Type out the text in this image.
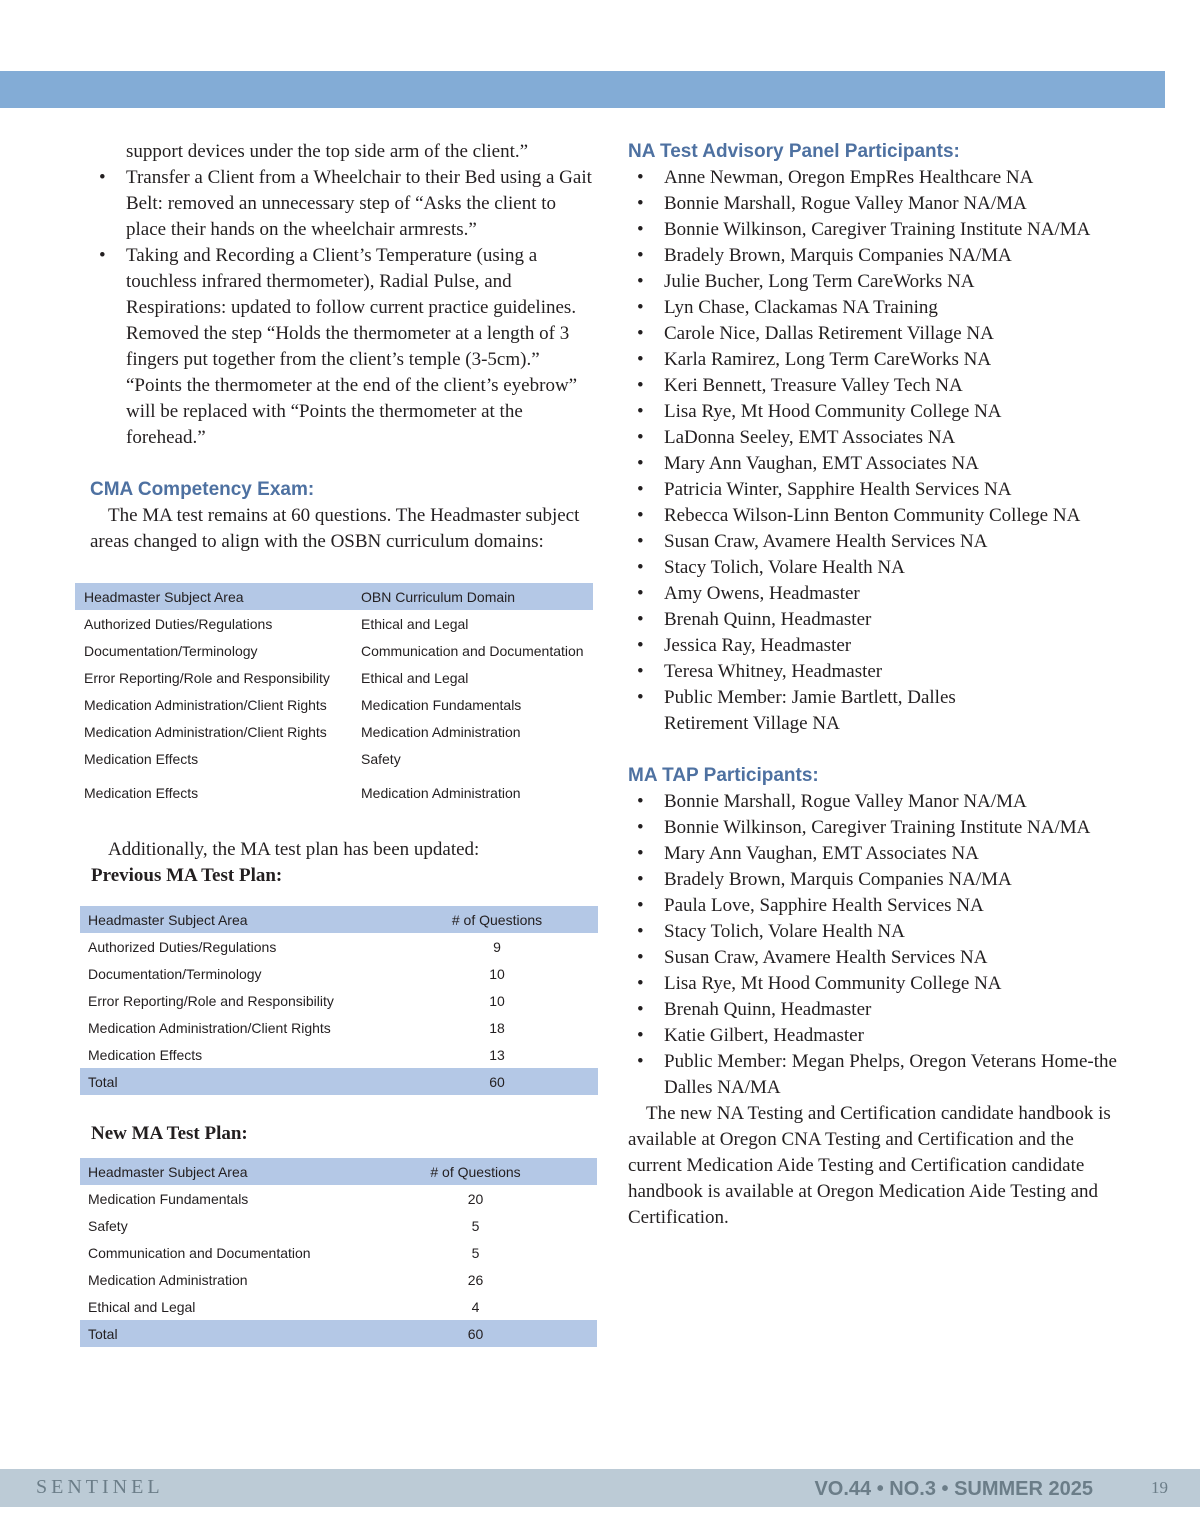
support devices under the top side arm of the client.”

• Transfer a Client from a Wheelchair to their Bed using a Gait Belt: removed an unnecessary step of “Asks the client to place their hands on the wheelchair armrests.”
• Taking and Recording a Client’s Temperature (using a touchless infrared thermometer), Radial Pulse, and Respirations: updated to follow current practice guidelines. Removed the step “Holds the thermometer at a length of 3 fingers put together from the client’s temple (3-5cm).” “Points the thermometer at the end of the client’s eyebrow” will be replaced with “Points the thermometer at the forehead.”

CMA Competency Exam:

The MA test remains at 60 questions. The Headmaster subject areas changed to align with the OSBN curriculum domains:

Headmaster Subject Area	OBN Curriculum Domain
Authorized Duties/Regulations	Ethical and Legal
Documentation/Terminology	Communication and Documentation
Error Reporting/Role and Responsibility	Ethical and Legal
Medication Administration/Client Rights	Medication Fundamentals
Medication Administration/Client Rights	Medication Administration
Medication Effects	Safety

Medication Effects	Medication Administration

Additionally, the MA test plan has been updated:

Previous MA Test Plan:

Headmaster Subject Area	# of Questions
Authorized Duties/Regulations	9
Documentation/Terminology	10
Error Reporting/Role and Responsibility	10
Medication Administration/Client Rights	18
Medication Effects	13
Total	60

New MA Test Plan:

Headmaster Subject Area	# of Questions
Medication Fundamentals	20
Safety	5
Communication and Documentation	5
Medication Administration	26
Ethical and Legal	4
Total	60

NA Test Advisory Panel Participants:

• Anne Newman, Oregon EmpRes Healthcare NA
• Bonnie Marshall, Rogue Valley Manor NA/MA
• Bonnie Wilkinson, Caregiver Training Institute NA/MA
• Bradely Brown, Marquis Companies NA/MA
• Julie Bucher, Long Term CareWorks NA
• Lyn Chase, Clackamas NA Training
• Carole Nice, Dallas Retirement Village NA
• Karla Ramirez, Long Term CareWorks NA
• Keri Bennett, Treasure Valley Tech NA
• Lisa Rye, Mt Hood Community College NA
• LaDonna Seeley, EMT Associates NA
• Mary Ann Vaughan, EMT Associates NA
• Patricia Winter, Sapphire Health Services NA
• Rebecca Wilson-Linn Benton Community College NA
• Susan Craw, Avamere Health Services NA
• Stacy Tolich, Volare Health NA
• Amy Owens, Headmaster
• Brenah Quinn, Headmaster
• Jessica Ray, Headmaster
• Teresa Whitney, Headmaster
• Public Member: Jamie Bartlett, Dalles Retirement Village NA

MA TAP Participants:

• Bonnie Marshall, Rogue Valley Manor NA/MA
• Bonnie Wilkinson, Caregiver Training Institute NA/MA
• Mary Ann Vaughan, EMT Associates NA
• Bradely Brown, Marquis Companies NA/MA
• Paula Love, Sapphire Health Services NA
• Stacy Tolich, Volare Health NA
• Susan Craw, Avamere Health Services NA
• Lisa Rye, Mt Hood Community College NA
• Brenah Quinn, Headmaster
• Katie Gilbert, Headmaster
• Public Member: Megan Phelps, Oregon Veterans Home-the Dalles NA/MA

The new NA Testing and Certification candidate handbook is available at Oregon CNA Testing and Certification and the current Medication Aide Testing and Certification candidate handbook is available at Oregon Medication Aide Testing and Certification.

SENTINEL	VO.44 • NO.3 • SUMMER 2025	19
